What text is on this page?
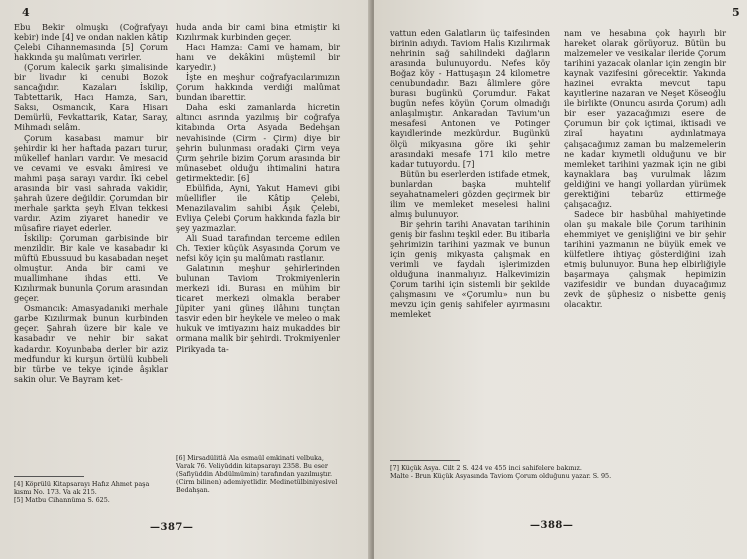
4

Ebu Bekir olmuşkı (Coğrafyayı kebir) inde [4] ve ondan naklen kâtip Çelebi Cihannemasında [5] Çorum hakkında şu malûmatı verirler.

(Çorum kalecik şarkı şimalisinde bir livadır ki cenubi Bozok sancağıdır. Kazaları İskilip, Tabtettarik, Hacı Hamza, Sarı, Saksı, Osmancık, Kara Hisarı Demürlü, Fevkattarik, Katar, Saray, Mihmadı selâm.

Çorum kasabası mamur bir şehirdir ki her haftada pazarı turur, mükellef hanları vardır. Ve mesacid ve cevami ve esvakı âmiresi ve mahmi paşa sarayı vardır. İki cebel arasında bir vasi sahrada vakidir, şahrah üzere değildir. Çorumdan bir merhale şarkta şeyh Elvan tekkesi vardır. Azim ziyaret hanedir ve müsafire riayet ederler.

İskilip: Çoruman garbisinde bir menzildir. Bir kale ve kasabadır ki müftü Ebussuud bu kasabadan neşet olmuştur. Anda bir cami ve muallimhane ihdas etti. Ve Kızılırmak bununla Çorum arasından geçer.

Osmancık: Amasyadanıki merhale garbe Kızılırmak bunun kurbinden geçer. Şahrah üzere bir kale ve kasabadır ve nehir bir sakat kadardır. Koyunbaba derler bir aziz medfundur ki kurşun örtülü kubbeli bir türbe ve tekye içinde âşıklar sakin olur. Ve Bayram ket-

huda anda bir cami bina etmiştir ki Kızılırmak kurbinden geçer.

Hacı Hamza: Cami ve hamam, bir hanı ve dekâkini müştemil bir karyedir.)

İşte en meşhur coğrafyacılarımızın Çorum hakkında verdiği malûmat bundan ibarettir.

Daha eski zamanlarda hicretin altıncı asrında yazılmış bir coğrafya kitabında Orta Asyada Bedehşan nevahisinde (Cirm - Çirm) diye bir şehrin bulunması oradaki Çirm veya Çırm şehrile bizim Çorum arasında bir münasebet olduğu ihtimalini hatıra getirmektedir. [6]

Ebülfida, Ayni, Yakut Hamevi gibi müellifler ile Kâtip Çelebi, Menazilavalim sahibi Âşık Çelebi, Evliya Çelebi Çorum hakkında fazla bir şey yazmazlar.

Ali Suad tarafından terceme edilen Ch. Texier küçük Asyasında Çorum ve nefsi köy için şu malûmatı rastlanır.

Galatının meşhur şehirlerinden bulunan Taviom Trokmiyenlerin merkezi idi. Burası en mühim bir ticaret merkezi olmakla beraber Jüpiter yani güneş ilâhını tunçtan tasvir eden bir heykele ve meleo o mak hukuk ve imtiyazını haiz mukaddes bir ormana malik bir şehirdi. Trokmiyenler Pirikyada ta-

[4] Köprülü Kitapsarayı Hafız Ahmet paşa kısmı No. 173. Va ak 215.
[5] Matbu Cihannüma S. 625.
[6] Mirsadülitlâ Ala esmaül emkinati velbuka, Varak 76. Veliyüddin kitapsarayı 2358. Bu eser (Safiyüddin Abdülmümin) tarafından yazılmıştır.
(Cirm bilinen) ademiyetlidir. Medinetülbiniyesivel Bedahşan.
—387—
5

vattun eden Galatların üç taifesinden birinin adıydı. Taviom Halis Kızılırmak nehrinin sağ sahilindeki dağların arasında bulunuyordu. Nefes köy Boğaz köy - Hattuşaşın 24 kilometre cenubundadır. Bazı âlimlere göre burası bugünkü Çorumdur. Fakat bugün nefes köyün Çorum olmadığı anlaşılmıştır. Ankaradan Tavium'un mesafesi Antonen ve Potinger kayıdlerinde mezkürdur. Bugünkü ölçü mikyasına göre iki şehir arasındaki mesafe 171 kilo metre kadar tutuyordu. [7]

Bütün bu eserlerden istifade etmek, bunlardan başka muhtelif seyahatnameleri gözden geçirmek bir ilim ve memleket meselesi halini almış bulunuyor.

Bir şehrin tarihi Anavatan tarihinin geniş bir faslını teşkil eder. Bu itibarla şehrimizin tarihini yazmak ve bunun için geniş mikyasta çalışmak en verimli ve faydalı işlerimizden olduğuna inanmalıyız. Halkevimizin Çorum tarihi için sistemli bir şekilde çalışmasını ve «Çorumlu» nun bu mevzu için geniş sahifeler ayırmasını memleket

nam ve hesabına çok hayırlı bir hareket olarak görüyoruz. Bütün bu malzemeler ve vesikalar ileride Çorum tarihini yazacak olanlar için zengin bir kaynak vazifesini görecektir. Yakında hazinei evrakta mevcut tapu kayıtlerine nazaran ve Neşet Köseoğlu ile birlikte (Onuncu asırda Çorum) adlı bir eser yazacağımızı esere de Çorumun bir çok içtimai, iktisadi ve ziraî hayatını aydınlatmaya çalışacağımız zaman bu malzemelerin ne kadar kıymetli olduğunu ve bir memleket tarihini yazmak için ne gibi kaynaklara baş vurulmak lâzım geldiğini ve hangi yollardan yürümek gerektiğini tebarüz ettirmeğe çalışacağız.

Sadece bir hasbühal mahiyetinde olan şu makale bile Çorum tarihinin ehemmiyet ve genişliğini ve bir şehir tarihini yazmanın ne büyük emek ve külfetlere ihtiyaç gösterdiğini izah etmiş bulunuyor. Buna hep elbirliğiyle başarmaya çalışmak hepimizin vazifesidir ve bundan duyacağımız zevk de şüphesiz o nisbette geniş olacaktır.

[7] Küçük Asya. Cilt 2 S. 424 ve 455 inci sahifelere bakınız.
Malte - Brun Küçük Asyasında Taviom Çorum olduğunu yazar. S. 95.
—388—
